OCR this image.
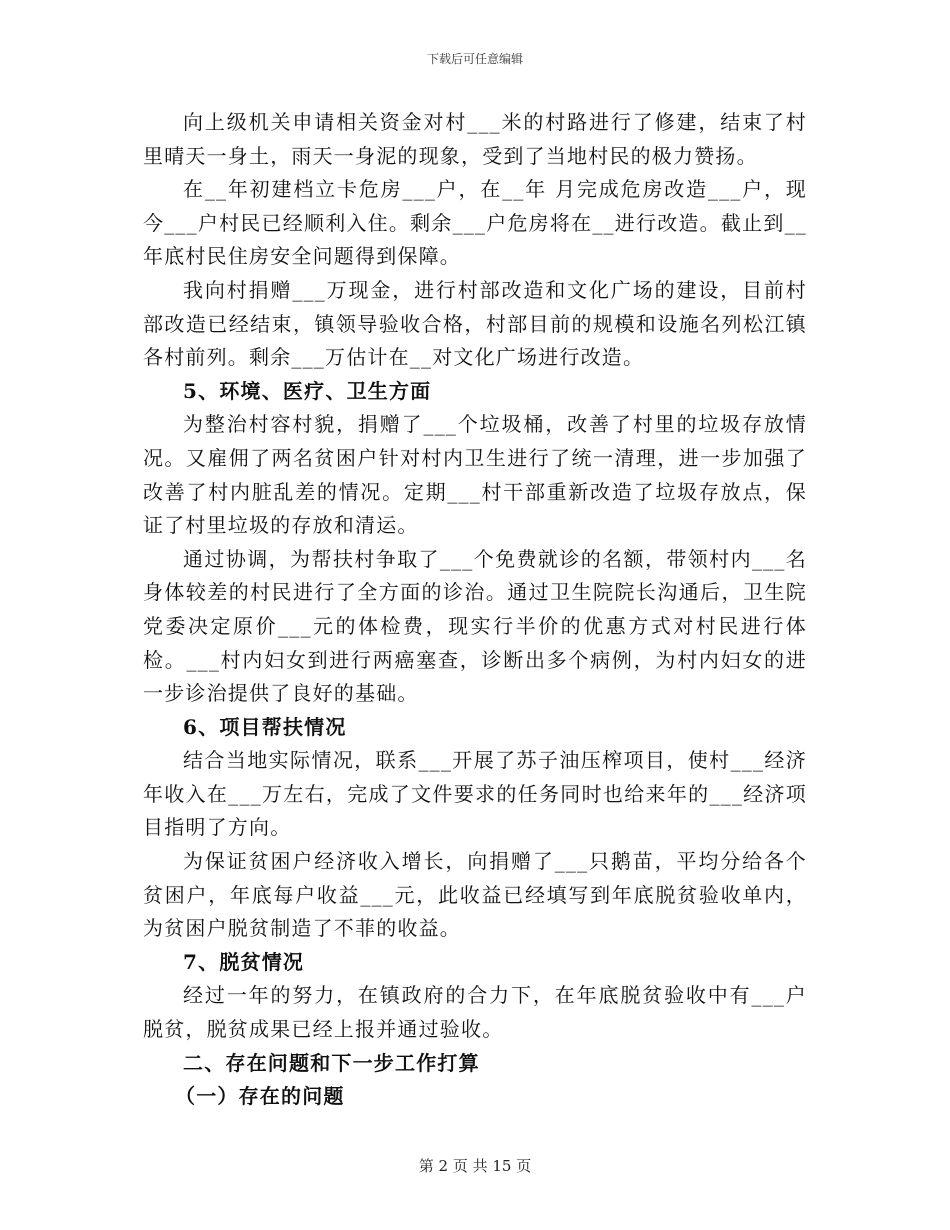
下载后可任意编辑

向上级机关申请相关资金对村___米的村路进行了修建，结束了村里晴天一身土，雨天一身泥的现象，受到了当地村民的极力赞扬。

在__年初建档立卡危房___户，在__年 月完成危房改造___户，现今___户村民已经顺利入住。剩余___户危房将在__进行改造。截止到__年底村民住房安全问题得到保障。

我向村捐赠___万现金，进行村部改造和文化广场的建设，目前村部改造已经结束，镇领导验收合格，村部目前的规模和设施名列松江镇各村前列。剩余___万估计在__对文化广场进行改造。

5、环境、医疗、卫生方面

为整治村容村貌，捐赠了___个垃圾桶，改善了村里的垃圾存放情况。又雇佣了两名贫困户针对村内卫生进行了统一清理，进一步加强了改善了村内脏乱差的情况。定期___村干部重新改造了垃圾存放点，保证了村里垃圾的存放和清运。

通过协调，为帮扶村争取了___个免费就诊的名额，带领村内___名身体较差的村民进行了全方面的诊治。通过卫生院院长沟通后，卫生院党委决定原价___元的体检费，现实行半价的优惠方式对村民进行体检。___村内妇女到进行两癌塞查，诊断出多个病例，为村内妇女的进一步诊治提供了良好的基础。

6、项目帮扶情况

结合当地实际情况，联系___开展了苏子油压榨项目，使村___经济年收入在___万左右，完成了文件要求的任务同时也给来年的___经济项目指明了方向。

为保证贫困户经济收入增长，向捐赠了___只鹅苗，平均分给各个贫困户，年底每户收益___元，此收益已经填写到年底脱贫验收单内，为贫困户脱贫制造了不菲的收益。

7、脱贫情况

经过一年的努力，在镇政府的合力下，在年底脱贫验收中有___户脱贫，脱贫成果已经上报并通过验收。

二、存在问题和下一步工作打算

（一）存在的问题

第 2 页 共 15 页
